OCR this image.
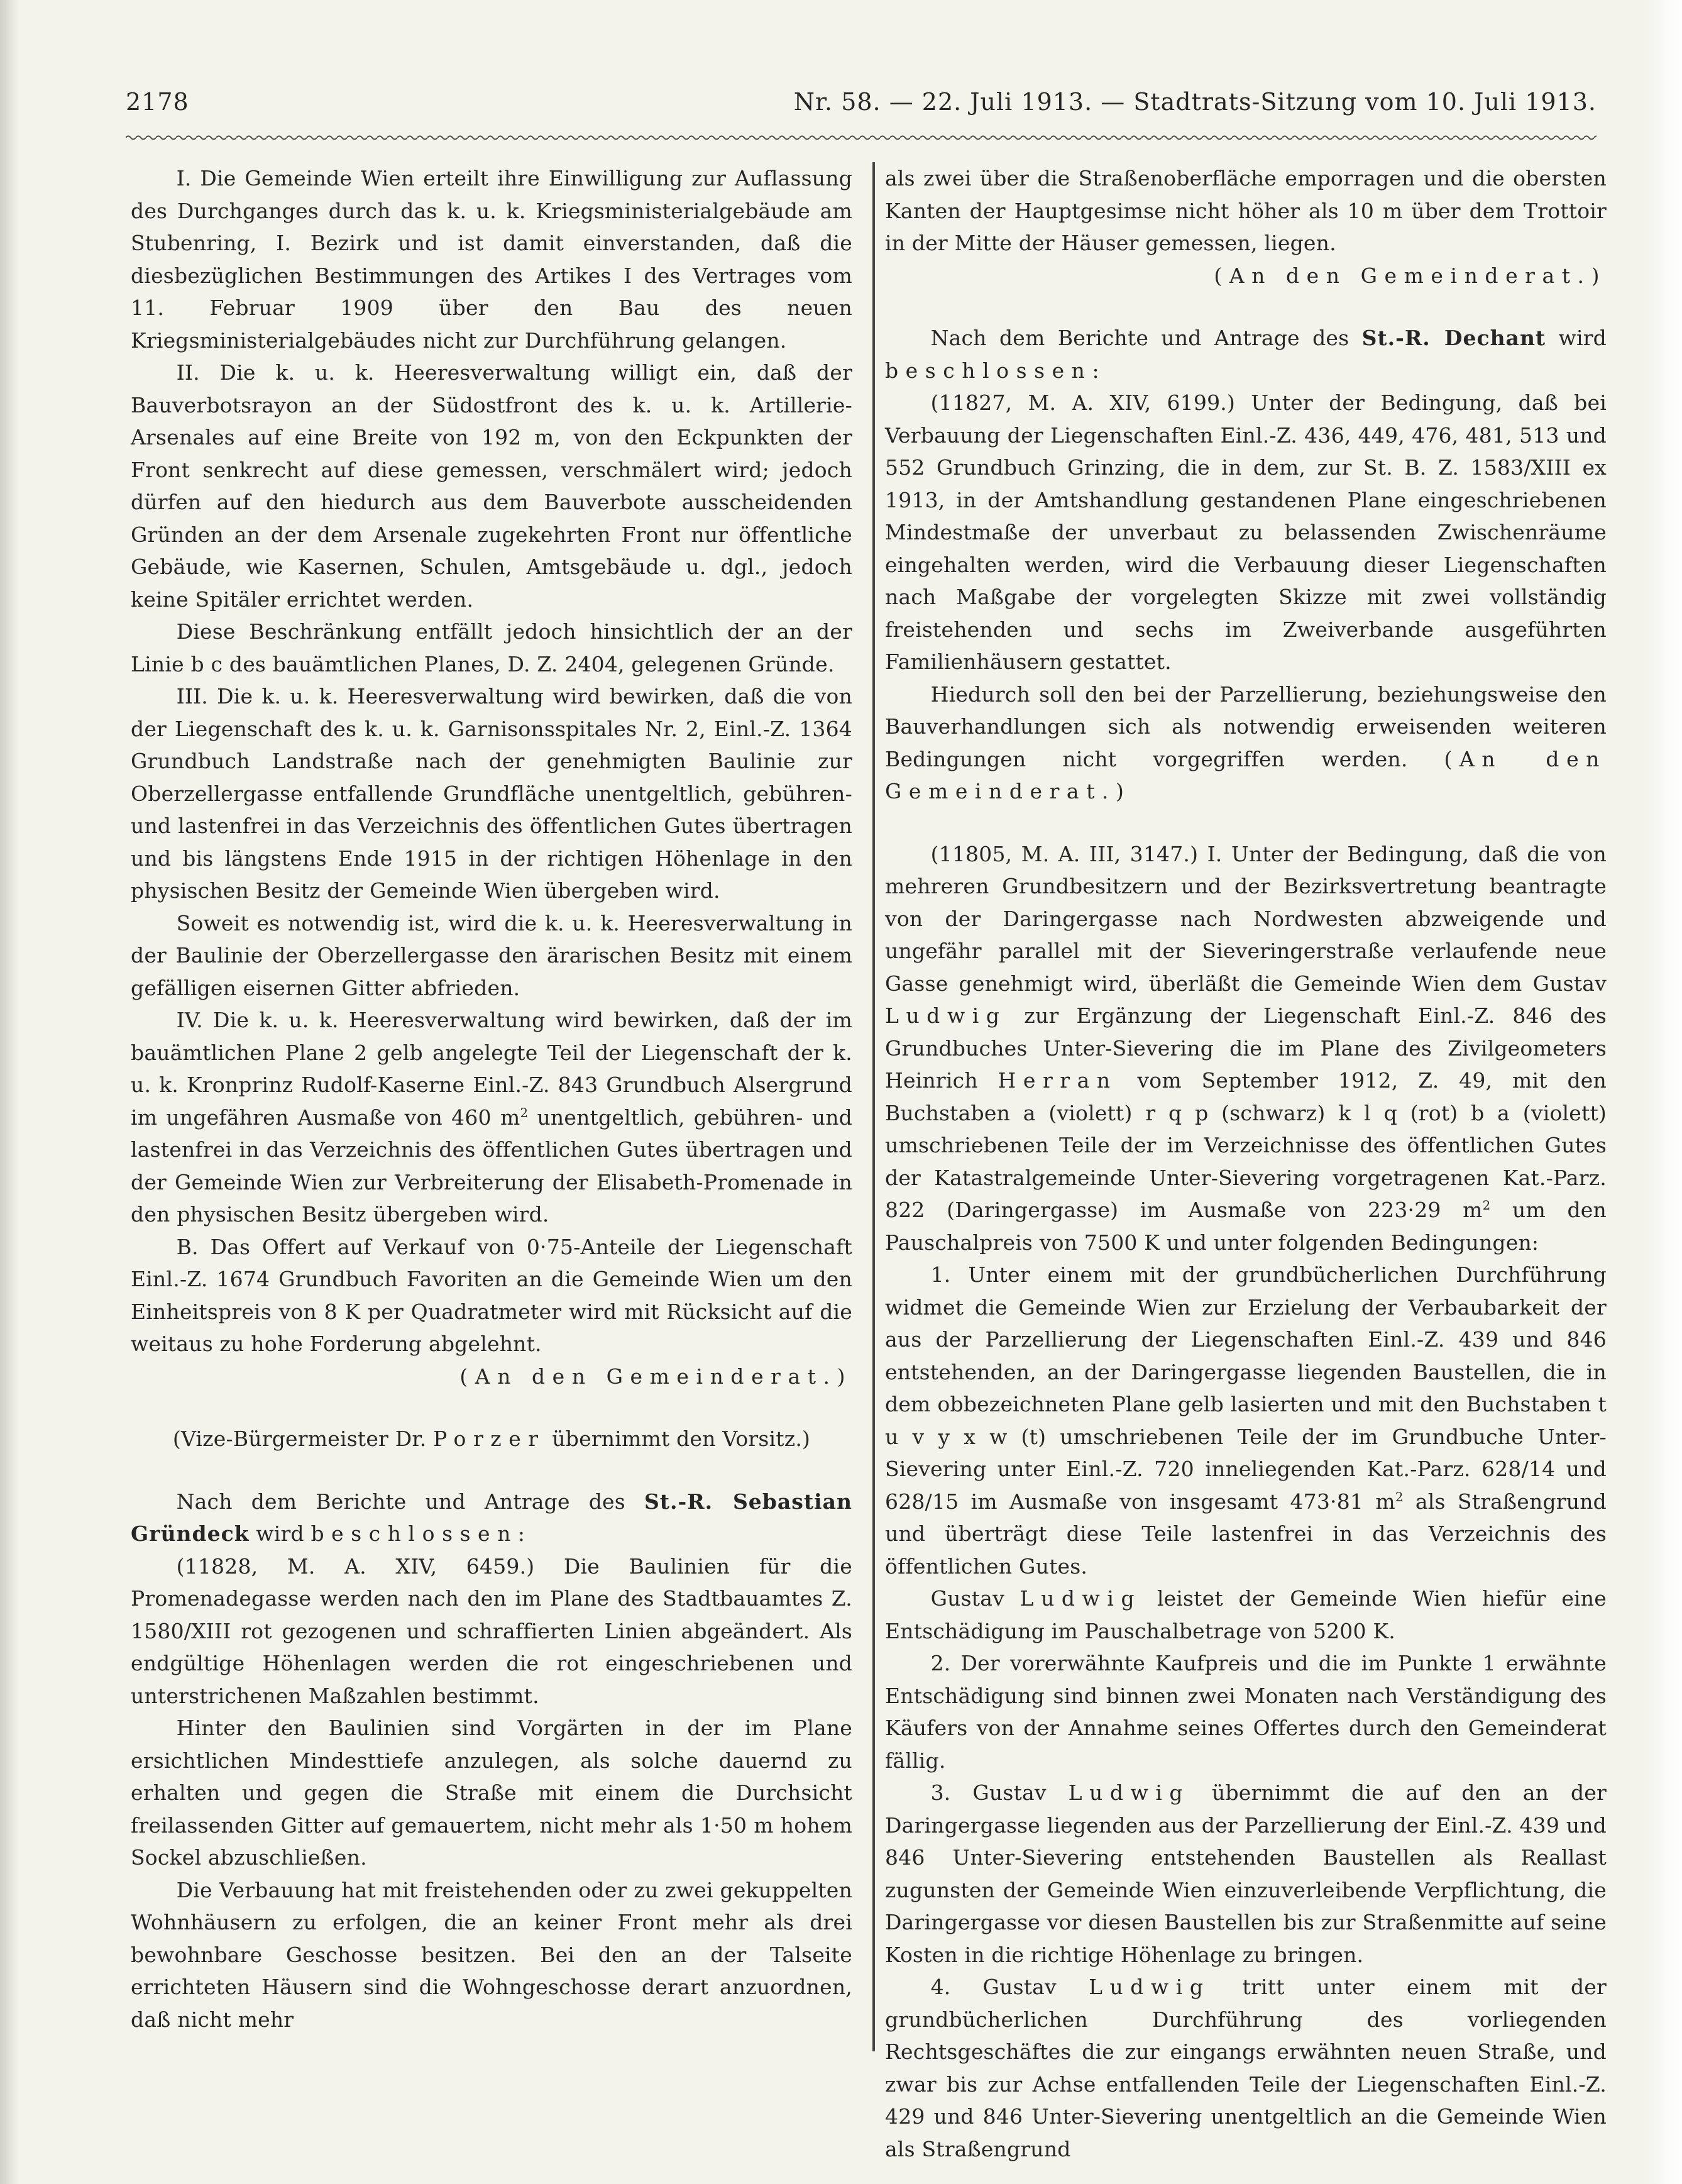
2178	Nr. 58. — 22. Juli 1913. — Stadtrats-Sitzung vom 10. Juli 1913.

I. Die Gemeinde Wien erteilt ihre Einwilligung zur Auflassung des Durchganges durch das k. u. k. Kriegsministerialgebäude am Stubenring, I. Bezirk und ist damit einverstanden, daß die diesbezüglichen Bestimmungen des Artikes I des Vertrages vom 11. Februar 1909 über den Bau des neuen Kriegsministerialgebäudes nicht zur Durchführung gelangen.

II. Die k. u. k. Heeresverwaltung willigt ein, daß der Bauverbotsrayon an der Südostfront des k. u. k. Artillerie-Arsenales auf eine Breite von 192 m, von den Eckpunkten der Front senkrecht auf diese gemessen, verschmälert wird; jedoch dürfen auf den hiedurch aus dem Bauverbote ausscheidenden Gründen an der dem Arsenale zugekehrten Front nur öffentliche Gebäude, wie Kasernen, Schulen, Amtsgebäude u. dgl., jedoch keine Spitäler errichtet werden.

Diese Beschränkung entfällt jedoch hinsichtlich der an der Linie b c des bauämtlichen Planes, D. Z. 2404, gelegenen Gründe.

III. Die k. u. k. Heeresverwaltung wird bewirken, daß die von der Liegenschaft des k. u. k. Garnisonsspitales Nr. 2, Einl.-Z. 1364 Grundbuch Landstraße nach der genehmigten Baulinie zur Oberzellergasse entfallende Grundfläche unentgeltlich, gebühren- und lastenfrei in das Verzeichnis des öffentlichen Gutes übertragen und bis längstens Ende 1915 in der richtigen Höhenlage in den physischen Besitz der Gemeinde Wien übergeben wird.

Soweit es notwendig ist, wird die k. u. k. Heeresverwaltung in der Baulinie der Oberzellergasse den ärarischen Besitz mit einem gefälligen eisernen Gitter abfrieden.

IV. Die k. u. k. Heeresverwaltung wird bewirken, daß der im bauämtlichen Plane 2 gelb angelegte Teil der Liegenschaft der k. u. k. Kronprinz Rudolf-Kaserne Einl.-Z. 843 Grundbuch Alsergrund im ungefähren Ausmaße von 460 $m^2$ unentgeltlich, gebühren- und lastenfrei in das Verzeichnis des öffentlichen Gutes übertragen und der Gemeinde Wien zur Verbreiterung der Elisabeth-Promenade in den physischen Besitz übergeben wird.

B. Das Offert auf Verkauf von 0·75-Anteile der Liegenschaft Einl.-Z. 1674 Grundbuch Favoriten an die Gemeinde Wien um den Einheitspreis von 8 K per Quadratmeter wird mit Rücksicht auf die weitaus zu hohe Forderung abgelehnt.

(An den Gemeinderat.)

(Vize-Bürgermeister Dr. Porzer übernimmt den Vorsitz.)

Nach dem Berichte und Antrage des St.-R. Sebastian Gründeck wird beschlossen:

(11828, M. A. XIV, 6459.) Die Baulinien für die Promenadegasse werden nach den im Plane des Stadtbauamtes Z. 1580/XIII rot gezogenen und schraffierten Linien abgeändert. Als endgültige Höhenlagen werden die rot eingeschriebenen und unterstrichenen Maßzahlen bestimmt.

Hinter den Baulinien sind Vorgärten in der im Plane ersichtlichen Mindesttiefe anzulegen, als solche dauernd zu erhalten und gegen die Straße mit einem die Durchsicht freilassenden Gitter auf gemauertem, nicht mehr als 1·50 m hohem Sockel abzuschließen.

Die Verbauung hat mit freistehenden oder zu zwei gekuppelten Wohnhäusern zu erfolgen, die an keiner Front mehr als drei bewohnbare Geschosse besitzen. Bei den an der Talseite errichteten Häusern sind die Wohngeschosse derart anzuordnen, daß nicht mehr

als zwei über die Straßenoberfläche emporragen und die obersten Kanten der Hauptgesimse nicht höher als 10 m über dem Trottoir in der Mitte der Häuser gemessen, liegen.

(An den Gemeinderat.)

Nach dem Berichte und Antrage des St.-R. Dechant wird beschlossen:

(11827, M. A. XIV, 6199.) Unter der Bedingung, daß bei Verbauung der Liegenschaften Einl.-Z. 436, 449, 476, 481, 513 und 552 Grundbuch Grinzing, die in dem, zur St. B. Z. 1583/XIII ex 1913, in der Amtshandlung gestandenen Plane eingeschriebenen Mindestmaße der unverbaut zu belassenden Zwischenräume eingehalten werden, wird die Verbauung dieser Liegenschaften nach Maßgabe der vorgelegten Skizze mit zwei vollständig freistehenden und sechs im Zweiverbande ausgeführten Familienhäusern gestattet.

Hiedurch soll den bei der Parzellierung, beziehungsweise den Bauverhandlungen sich als notwendig erweisenden weiteren Bedingungen nicht vorgegriffen werden. (An den Gemeinderat.)

(11805, M. A. III, 3147.) I. Unter der Bedingung, daß die von mehreren Grundbesitzern und der Bezirksvertretung beantragte von der Daringergasse nach Nordwesten abzweigende und ungefähr parallel mit der Sieveringerstraße verlaufende neue Gasse genehmigt wird, überläßt die Gemeinde Wien dem Gustav Ludwig zur Ergänzung der Liegenschaft Einl.-Z. 846 des Grundbuches Unter-Sievering die im Plane des Zivilgeometers Heinrich Herran vom September 1912, Z. 49, mit den Buchstaben a (violett) r q p (schwarz) k l q (rot) b a (violett) umschriebenen Teile der im Verzeichnisse des öffentlichen Gutes der Katastralgemeinde Unter-Sievering vorgetragenen Kat.-Parz. 822 (Daringergasse) im Ausmaße von 223·29 $m^2$ um den Pauschalpreis von 7500 K und unter folgenden Bedingungen:

1. Unter einem mit der grundbücherlichen Durchführung widmet die Gemeinde Wien zur Erzielung der Verbaubarkeit der aus der Parzellierung der Liegenschaften Einl.-Z. 439 und 846 entstehenden, an der Daringergasse liegenden Baustellen, die in dem obbezeichneten Plane gelb lasierten und mit den Buchstaben t u v y x w (t) umschriebenen Teile der im Grundbuche Unter-Sievering unter Einl.-Z. 720 inneliegenden Kat.-Parz. 628/14 und 628/15 im Ausmaße von insgesamt 473·81 $m^2$ als Straßengrund und überträgt diese Teile lastenfrei in das Verzeichnis des öffentlichen Gutes.

Gustav Ludwig leistet der Gemeinde Wien hiefür eine Entschädigung im Pauschalbetrage von 5200 K.

2. Der vorerwähnte Kaufpreis und die im Punkte 1 erwähnte Entschädigung sind binnen zwei Monaten nach Verständigung des Käufers von der Annahme seines Offertes durch den Gemeinderat fällig.

3. Gustav Ludwig übernimmt die auf den an der Daringergasse liegenden aus der Parzellierung der Einl.-Z. 439 und 846 Unter-Sievering entstehenden Baustellen als Reallast zugunsten der Gemeinde Wien einzuverleibende Verpflichtung, die Daringergasse vor diesen Baustellen bis zur Straßenmitte auf seine Kosten in die richtige Höhenlage zu bringen.

4. Gustav Ludwig tritt unter einem mit der grundbücherlichen Durchführung des vorliegenden Rechtsgeschäftes die zur eingangs erwähnten neuen Straße, und zwar bis zur Achse entfallenden Teile der Liegenschaften Einl.-Z. 429 und 846 Unter-Sievering unentgeltlich an die Gemeinde Wien als Straßengrund
